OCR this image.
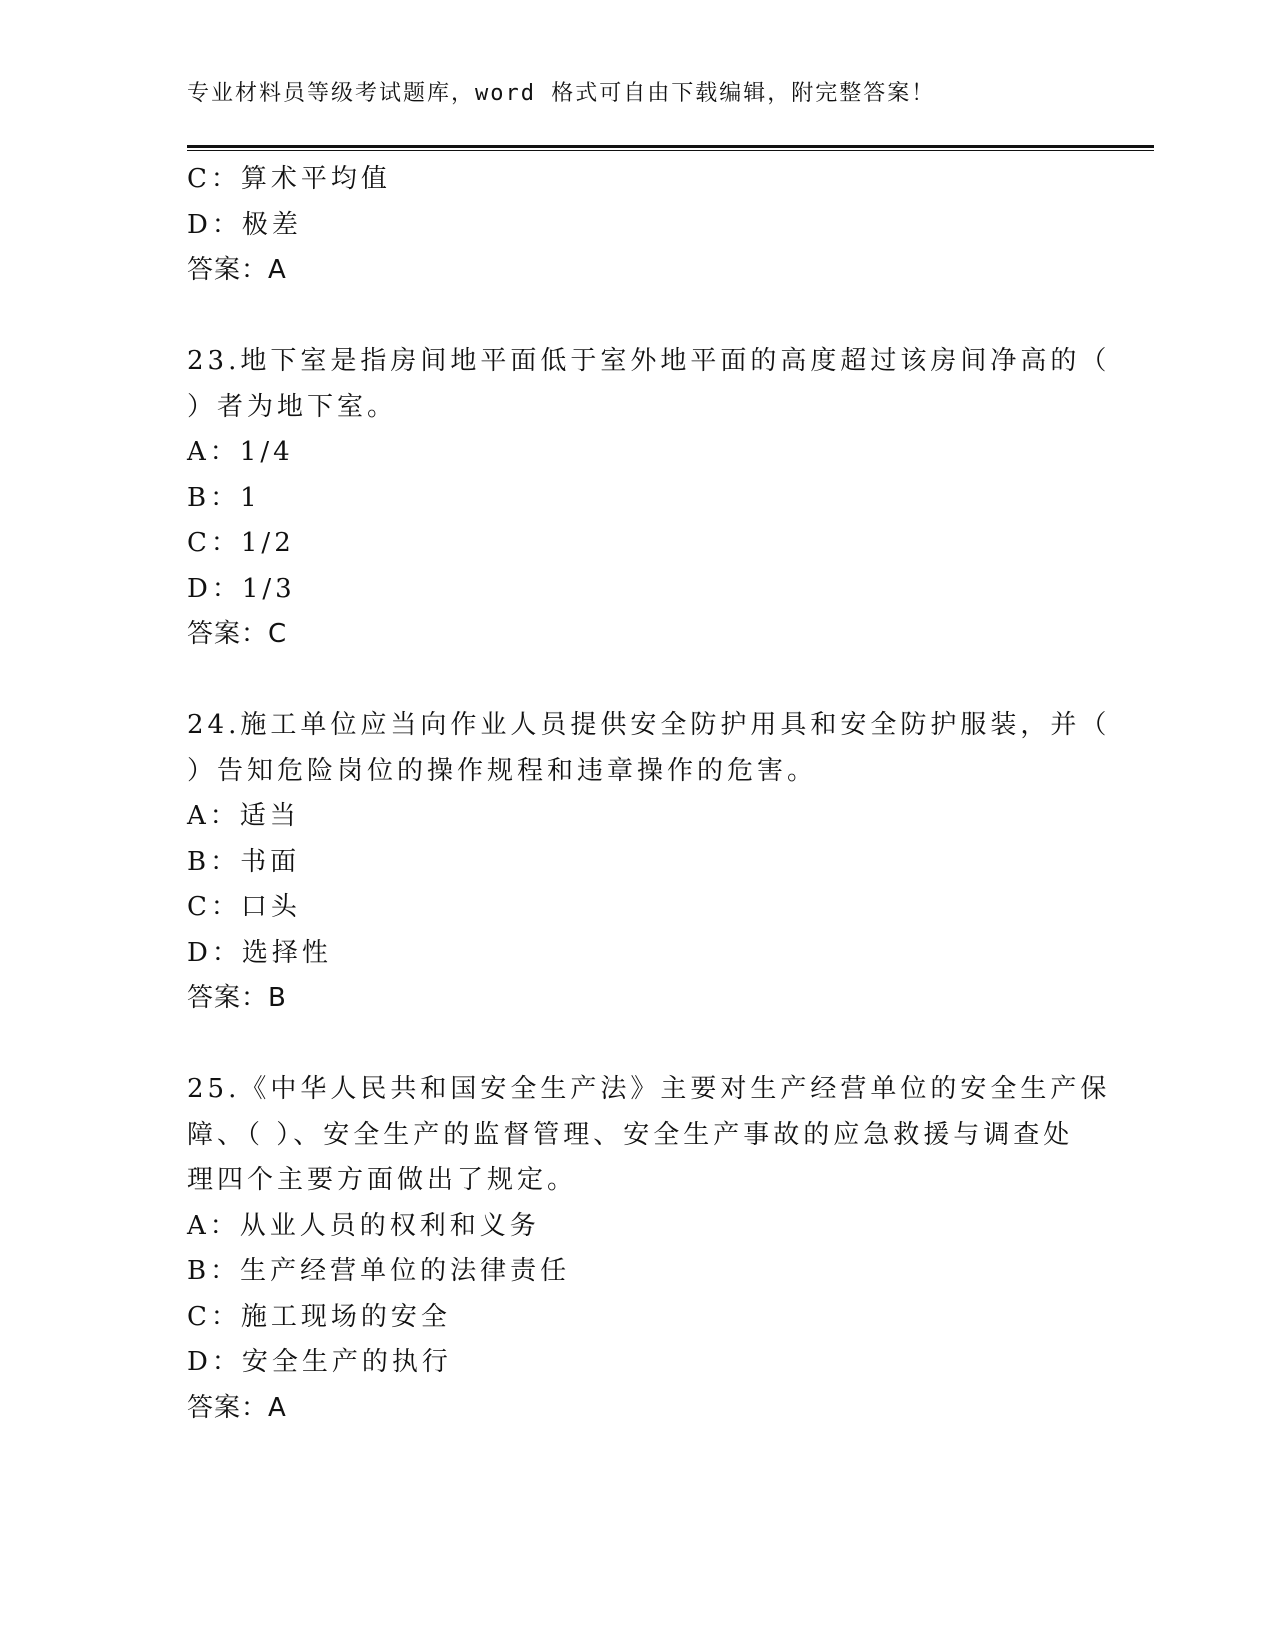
专业材料员等级考试题库，word 格式可自由下载编辑，附完整答案！
C：算术平均值
D：极差
答案：A
23.地下室是指房间地平面低于室外地平面的高度超过该房间净高的（
）者为地下室。
A：1/4
B：1
C：1/2
D：1/3
答案：C
24.施工单位应当向作业人员提供安全防护用具和安全防护服装，并（
）告知危险岗位的操作规程和违章操作的危害。
A：适当
B：书面
C：口头
D：选择性
答案：B
25.《中华人民共和国安全生产法》主要对生产经营单位的安全生产保
障、（ ）、安全生产的监督管理、安全生产事故的应急救援与调查处
理四个主要方面做出了规定。
A：从业人员的权利和义务
B：生产经营单位的法律责任
C：施工现场的安全
D：安全生产的执行
答案：A
